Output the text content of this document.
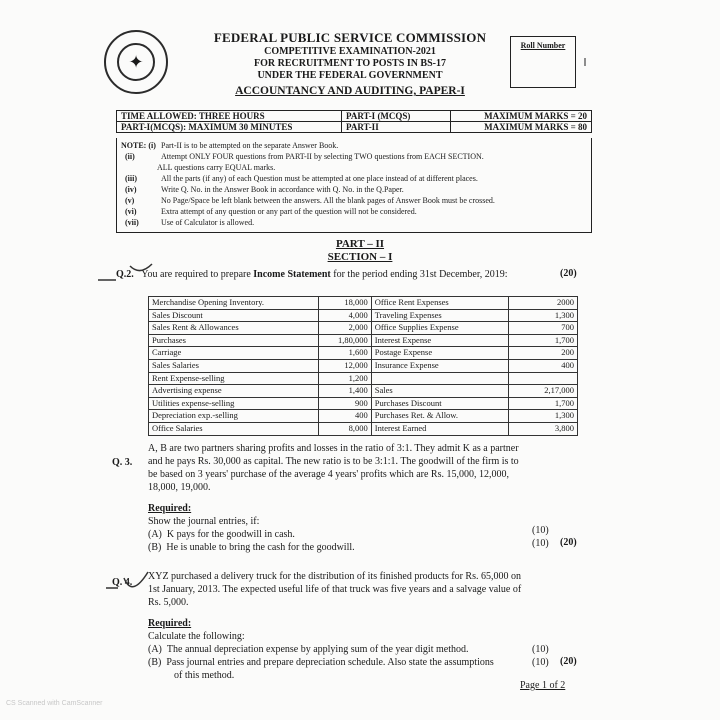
✦
FEDERAL PUBLIC SERVICE COMMISSION
COMPETITIVE EXAMINATION-2021
FOR RECRUITMENT TO POSTS IN BS-17
UNDER THE FEDERAL GOVERNMENT
ACCOUNTANCY AND AUDITING, PAPER-I
Roll Number
TIME ALLOWED: THREE HOURS	PART-I (MCQS)	MAXIMUM MARKS = 20
PART-I(MCQS): MAXIMUM 30 MINUTES	PART-II	MAXIMUM MARKS = 80
NOTE: (i) Part-II is to be attempted on the separate Answer Book.
(ii)	Attempt ONLY FOUR questions from PART-II by selecting TWO questions from EACH SECTION.
ALL questions carry EQUAL marks.
(iii)	All the parts (if any) of each Question must be attempted at one place instead of at different places.
(iv)	Write Q. No. in the Answer Book in accordance with Q. No. in the Q.Paper.
(v)	No Page/Space be left blank between the answers. All the blank pages of Answer Book must be crossed.
(vi)	Extra attempt of any question or any part of the question will not be considered.
(vii)	Use of Calculator is allowed.
PART – II
SECTION – I
Q.2. You are required to prepare Income Statement for the period ending 31st December, 2019:	(20)
Merchandise Opening Inventory.	18,000	Office Rent Expenses	2000
Sales Discount	4,000	Traveling Expenses	1,300
Sales Rent & Allowances	2,000	Office Supplies Expense	700
Purchases	1,80,000	Interest Expense	1,700
Carriage	1,600	Postage Expense	200
Sales Salaries	12,000	Insurance Expense	400
Rent Expense-selling	1,200		
Advertising expense	1,400	Sales	2,17,000
Utilities expense-selling	900	Purchases Discount	1,700
Depreciation exp.-selling	400	Purchases Ret. & Allow.	1,300
Office Salaries	8,000	Interest Earned	3,800
Q. 3.
A, B are two partners sharing profits and losses in the ratio of 3:1. They admit K as a partner
and he pays Rs. 30,000 as capital. The new ratio is to be 3:1:1. The goodwill of the firm is to
be based on 3 years' purchase of the average 4 years' profits which are Rs. 15,000, 12,000,
18,000, 19,000.
Required:
Show the journal entries, if:
(A) K pays for the goodwill in cash.
(B) He is unable to bring the cash for the goodwill.
(10)
(10) (20)
Q. 4.
XYZ purchased a delivery truck for the distribution of its finished products for Rs. 65,000 on
1st January, 2013. The expected useful life of that truck was five years and a salvage value of
Rs. 5,000.
Required:
Calculate the following:
(A) The annual depreciation expense by applying sum of the year digit method.
(B) Pass journal entries and prepare depreciation schedule. Also state the assumptions
of this method.
(10)
(10) (20)
Page 1 of 2
CS Scanned with CamScanner
